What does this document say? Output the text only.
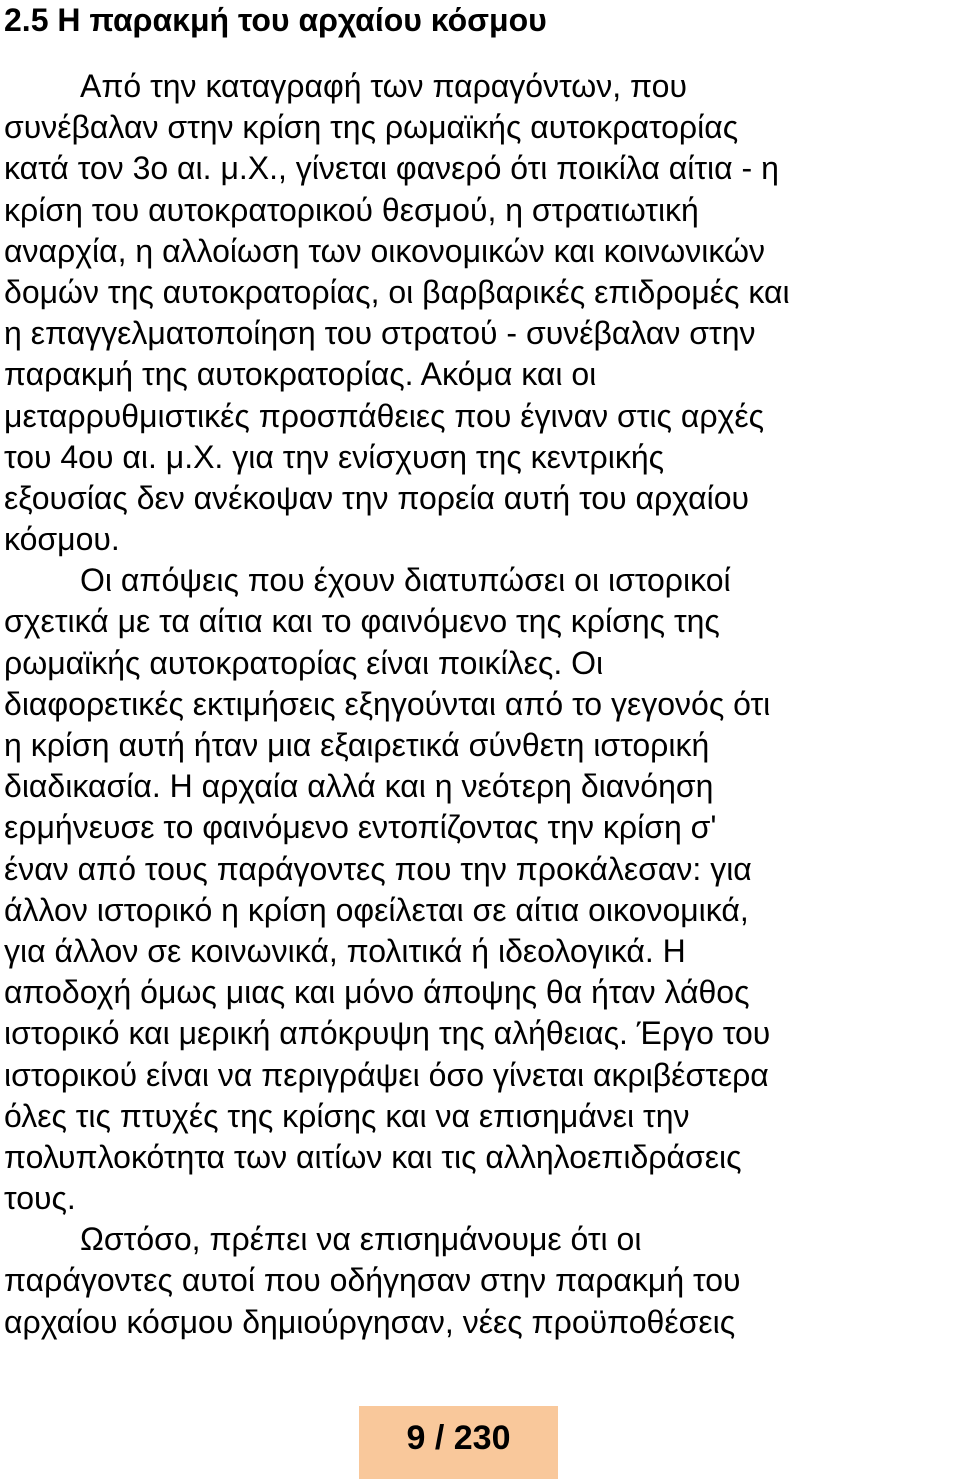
2.5 Η παρακμή του αρχαίου κόσμου
Από την καταγραφή των παραγόντων, που
συνέβαλαν στην κρίση της ρωμαϊκής αυτοκρατορίας
κατά τον 3ο αι. μ.Χ., γίνεται φανερό ότι ποικίλα αίτια - η
κρίση του αυτοκρατορικού θεσμού, η στρατιωτική
αναρχία, η αλλοίωση των οικονομικών και κοινωνικών
δομών της αυτοκρατορίας, οι βαρβαρικές επιδρομές και
η επαγγελματοποίηση του στρατού - συνέβαλαν στην
παρακμή της αυτοκρατορίας. Ακόμα και οι
μεταρρυθμιστικές προσπάθειες που έγιναν στις αρχές
του 4ου αι. μ.Χ. για την ενίσχυση της κεντρικής
εξουσίας δεν ανέκοψαν την πορεία αυτή του αρχαίου
κόσμου.
Οι απόψεις που έχουν διατυπώσει οι ιστορικοί
σχετικά με τα αίτια και το φαινόμενο της κρίσης της
ρωμαϊκής αυτοκρατορίας είναι ποικίλες. Οι
διαφορετικές εκτιμήσεις εξηγούνται από το γεγονός ότι
η κρίση αυτή ήταν μια εξαιρετικά σύνθετη ιστορική
διαδικασία. Η αρχαία αλλά και η νεότερη διανόηση
ερμήνευσε το φαινόμενο εντοπίζοντας την κρίση σ'
έναν από τους παράγοντες που την προκάλεσαν: για
άλλον ιστορικό η κρίση οφείλεται σε αίτια οικονομικά,
για άλλον σε κοινωνικά, πολιτικά ή ιδεολογικά. Η
αποδοχή όμως μιας και μόνο άποψης θα ήταν λάθος
ιστορικό και μερική απόκρυψη της αλήθειας. Έργο του
ιστορικού είναι να περιγράψει όσο γίνεται ακριβέστερα
όλες τις πτυχές της κρίσης και να επισημάνει την
πολυπλοκότητα των αιτίων και τις αλληλοεπιδράσεις
τους.
Ωστόσο, πρέπει να επισημάνουμε ότι οι
παράγοντες αυτοί που οδήγησαν στην παρακμή του
αρχαίου κόσμου δημιούργησαν, νέες προϋποθέσεις
9 / 230
